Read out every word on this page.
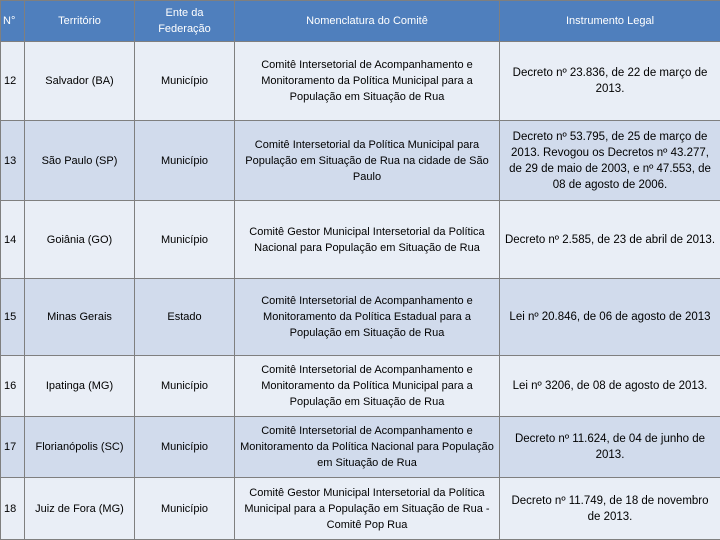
N°	Território	Ente da Federação	Nomenclatura do Comitê	Instrumento Legal
12	Salvador (BA)	Município	Comitê Intersetorial de Acompanhamento e Monitoramento da Política Municipal para a População em Situação de Rua	Decreto nº 23.836, de 22 de março de 2013.
13	São Paulo (SP)	Município	Comitê Intersetorial da Política Municipal para População em Situação de Rua na cidade de São Paulo	Decreto nº 53.795, de 25 de março de 2013. Revogou os Decretos nº 43.277, de 29 de maio de 2003, e nº 47.553, de 08 de agosto de 2006.
14	Goiânia (GO)	Município	Comitê Gestor Municipal Intersetorial da Política Nacional para População em Situação de Rua	Decreto nº 2.585, de 23 de abril de 2013.
15	Minas Gerais	Estado	Comitê Intersetorial de Acompanhamento e Monitoramento da Política Estadual para a População em Situação de Rua	Lei nº 20.846, de 06 de agosto de 2013
16	Ipatinga (MG)	Município	Comitê Intersetorial de Acompanhamento e Monitoramento da Política Municipal para a População em Situação de Rua	Lei nº 3206, de 08 de agosto de 2013.
17	Florianópolis (SC)	Município	Comitê Intersetorial de Acompanhamento e Monitoramento da Política Nacional para População em Situação de Rua	Decreto nº 11.624, de 04 de junho de 2013.
18	Juiz de Fora (MG)	Município	Comitê Gestor Municipal Intersetorial da Política Municipal para a População em Situação de Rua - Comitê Pop Rua	Decreto nº 11.749, de 18 de novembro de 2013.
